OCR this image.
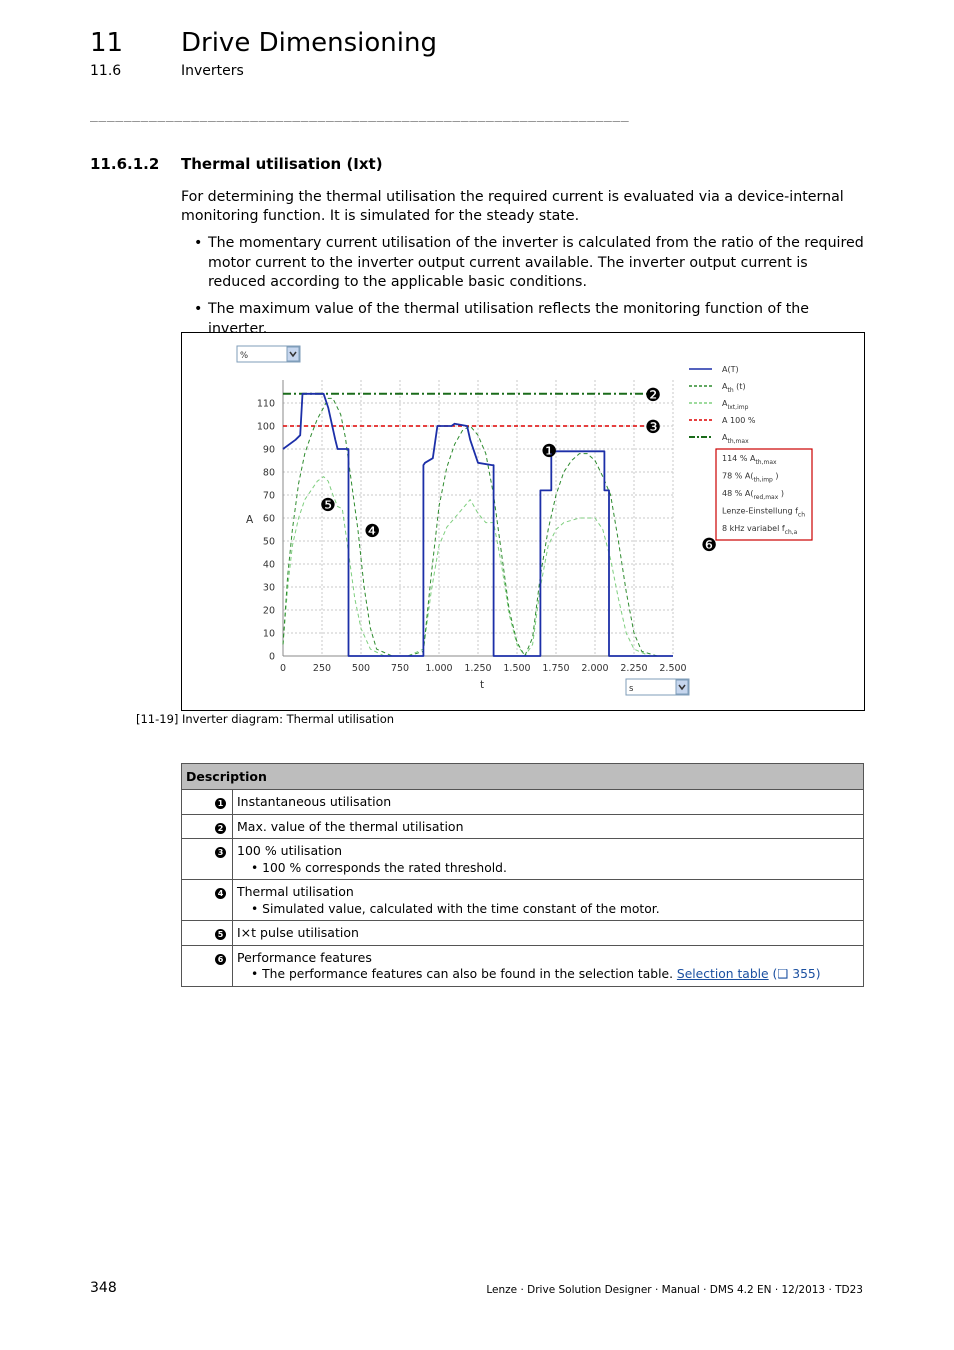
11 Drive Dimensioning
11.6	Inverters
________________________________________________________________
11.6.1.2 Thermal utilisation (Ixt)
For determining the thermal utilisation the required current is evaluated via a device-internal monitoring function. It is simulated for the steady state.
• The momentary current utilisation of the inverter is calculated from the ratio of the required motor current to the inverter output current available. The inverter output current is reduced according to the applicable basic conditions.
• The maximum value of the thermal utilisation reflects the monitoring function of the inverter.
0	250 500 750 1.000 1.250 1.500 1.750 2.000 2.250 2.500
0
10
20
30
40
50
60
70
80
90
100
110
A
t
%
s
A(T)
$A_{th}$ (t)
$A_{Ixt,imp}$
A 100 %
$A_{th,max}$
114 % $A_{th,max}$
78 % $A(_{th,imp}$ )
48 % $A(_{red,max}$ )
Lenze-Einstellung $f_{ch}$
8 kHz variabel $f_{ch,a}$
❶
❷
❸
❹
❺
❻
[11-19] Inverter diagram: Thermal utilisation
Description	
1	Instantaneous utilisation

2	Max. value of the thermal utilisation

3	100 % utilisation
• 100 % corresponds the rated threshold.

4	Thermal utilisation
• Simulated value, calculated with the time constant of the motor.

5	I×t pulse utilisation

6	Performance features
• The performance features can also be found in the selection table. Selection table (❑ 355)
348	Lenze · Drive Solution Designer · Manual · DMS 4.2 EN · 12/2013 · TD23
